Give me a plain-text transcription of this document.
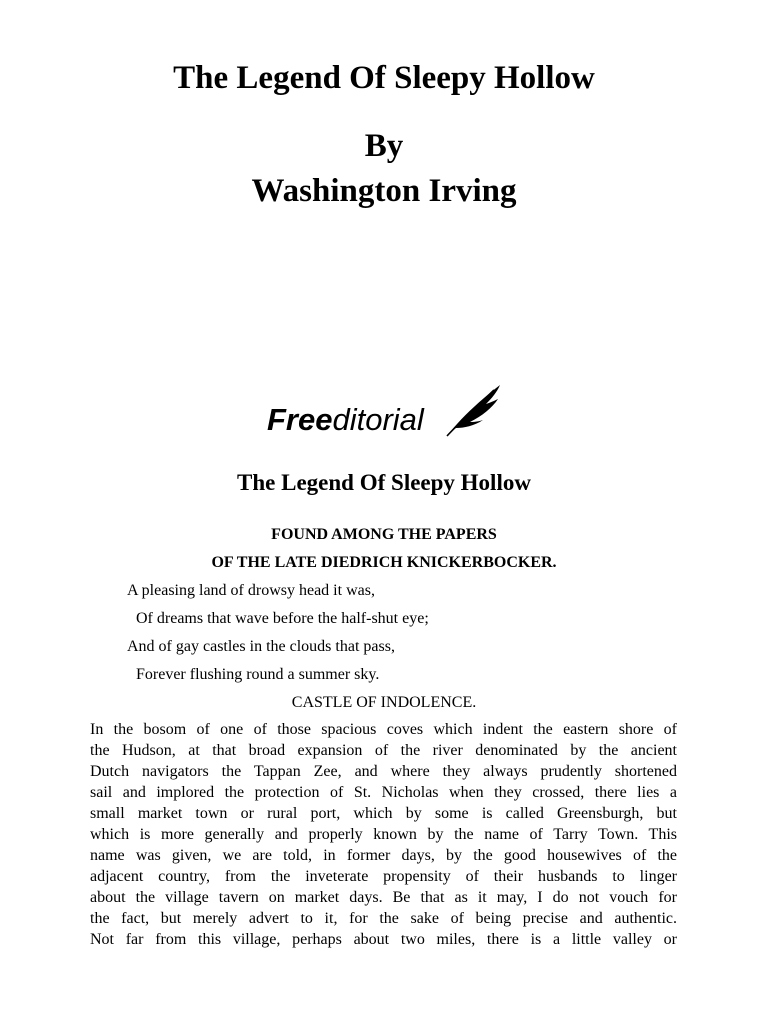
The Legend Of Sleepy Hollow
By
Washington Irving
Freeditorial
The Legend Of Sleepy Hollow

FOUND AMONG THE PAPERS

OF THE LATE DIEDRICH KNICKERBOCKER.

A pleasing land of drowsy head it was,

Of dreams that wave before the half-shut eye;

And of gay castles in the clouds that pass,

Forever flushing round a summer sky.

CASTLE OF INDOLENCE.

In the bosom of one of those spacious coves which indent the eastern shore of
the Hudson, at that broad expansion of the river denominated by the ancient
Dutch navigators the Tappan Zee, and where they always prudently shortened
sail and implored the protection of St. Nicholas when they crossed, there lies a
small market town or rural port, which by some is called Greensburgh, but
which is more generally and properly known by the name of Tarry Town. This
name was given, we are told, in former days, by the good housewives of the
adjacent country, from the inveterate propensity of their husbands to linger
about the village tavern on market days. Be that as it may, I do not vouch for
the fact, but merely advert to it, for the sake of being precise and authentic.
Not far from this village, perhaps about two miles, there is a little valley or
